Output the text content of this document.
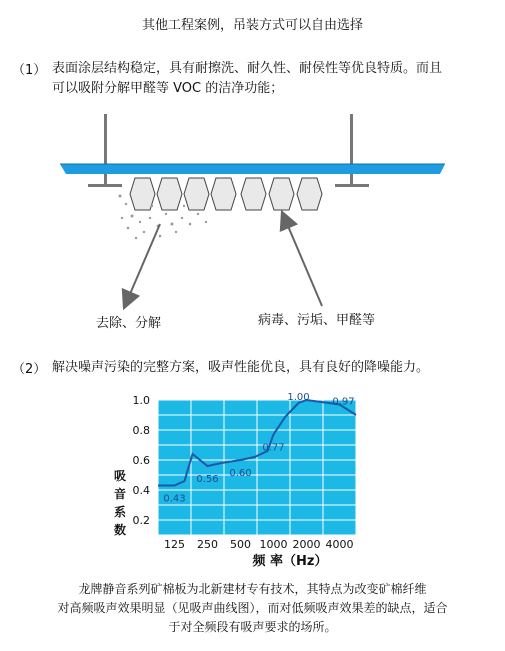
其他工程案例，吊装方式可以自由选择
（1） 表面涂层结构稳定，具有耐擦洗、耐久性、耐侯性等优良特质。而且
可以吸附分解甲醛等 VOC 的洁净功能；
去除、分解	病毒、污垢、甲醛等
（2） 解决噪声污染的完整方案，吸声性能优良，具有良好的降噪能力。
1.0
0.8
0.6
0.4
0.2
125 250 500 1000 2000 4000
吸
音
系
数
频 率（Hz）
0.43
0.56
0.60
0.77
1.00 0.97
龙牌静音系列矿棉板为北新建材专有技术，其特点为改变矿棉纤维
对高频吸声效果明显（见吸声曲线图），而对低频吸声效果差的缺点，适合
于对全频段有吸声要求的场所。
